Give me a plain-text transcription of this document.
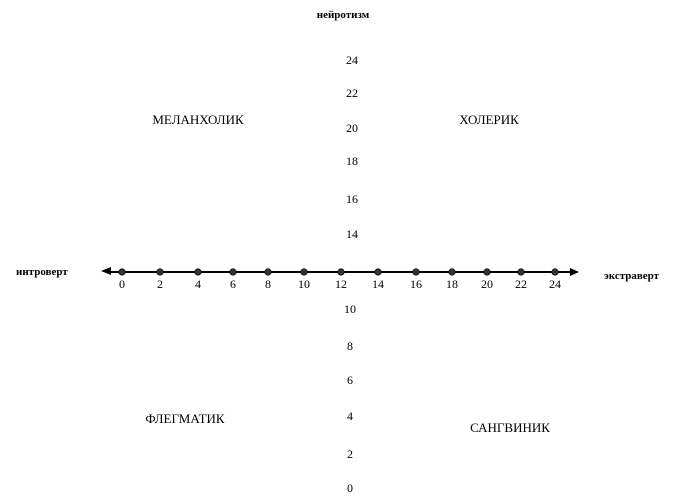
нейротизм
0	2	4 6 8 10 12 14 16 18 20 22 24
интроверт	экстраверт
24
22
20
18
16
14
10
8
6
4
2
0
МЕЛАНХОЛИК	ХОЛЕРИК
ФЛЕГМАТИК
САНГВИНИК
